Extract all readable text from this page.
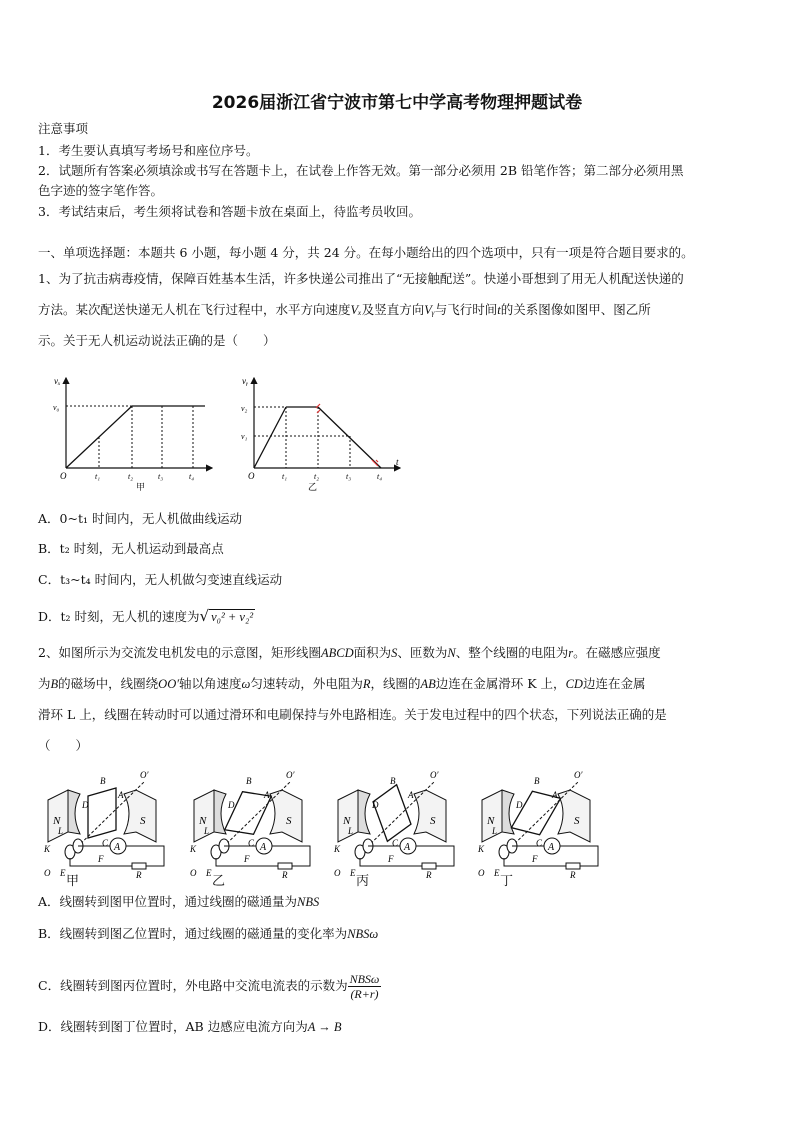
2026届浙江省宁波市第七中学高考物理押题试卷
注意事项
1．考生要认真填写考场号和座位序号。
2．试题所有答案必须填涂或书写在答题卡上，在试卷上作答无效。第一部分必须用 2B 铅笔作答；第二部分必须用黑
色字迹的签字笔作答。
3．考试结束后，考生须将试卷和答题卡放在桌面上，待监考员收回。
一、单项选择题：本题共 6 小题，每小题 4 分，共 24 分。在每小题给出的四个选项中，只有一项是符合题目要求的。
1、为了抗击病毒疫情，保障百姓基本生活，许多快递公司推出了“无接触配送”。快递小哥想到了用无人机配送快递的
方法。某次配送快递无人机在飞行过程中，水平方向速度Vₓ及竖直方向Vᵧ与飞行时间t的关系图像如图甲、图乙所
示。关于无人机运动说法正确的是（　　）
vₓ
v₀
O	t₁	t₂	t₃	t₄
甲
vᵧ
v₂
v₁
t
O	t₁	t₂	t₃	t₄
乙
A．0~t₁ 时间内，无人机做曲线运动
B．t₂ 时刻，无人机运动到最高点
C．t₃~t₄ 时间内，无人机做匀变速直线运动
D．t₂ 时刻，无人机的速度为√ v₀² + v₂²
2、如图所示为交流发电机发电的示意图，矩形线圈ABCD面积为S、匝数为N、整个线圈的电阻为r。在磁感应强度
为B的磁场中，线圈绕OO′轴以角速度ω匀速转动，外电阻为R，线圈的AB边连在金属滑环 K 上，CD边连在金属
滑环 L 上，线圈在转动时可以通过滑环和电刷保持与外电路相连。关于发电过程中的四个状态，下列说法正确的是
（　　）
N	S
O′
B
A
D
C
K
L
O E
A
F
R
甲
N	S
O′
B
A
D
C
K
L
O E
A
F
R
乙
N	S
O′
B
A
D
C
K
L
O E
A
F
R
丙
N	S
O′
B
A
D
C
K
L
O E
A
F
R
丁
A．线圈转到图甲位置时，通过线圈的磁通量为NBS
B．线圈转到图乙位置时，通过线圈的磁通量的变化率为NBSω
C．线圈转到图丙位置时，外电路中交流电流表的示数为 $\frac{\text{NBSω}}{(R+r)}$
D．线圈转到图丁位置时，AB 边感应电流方向为A → B
